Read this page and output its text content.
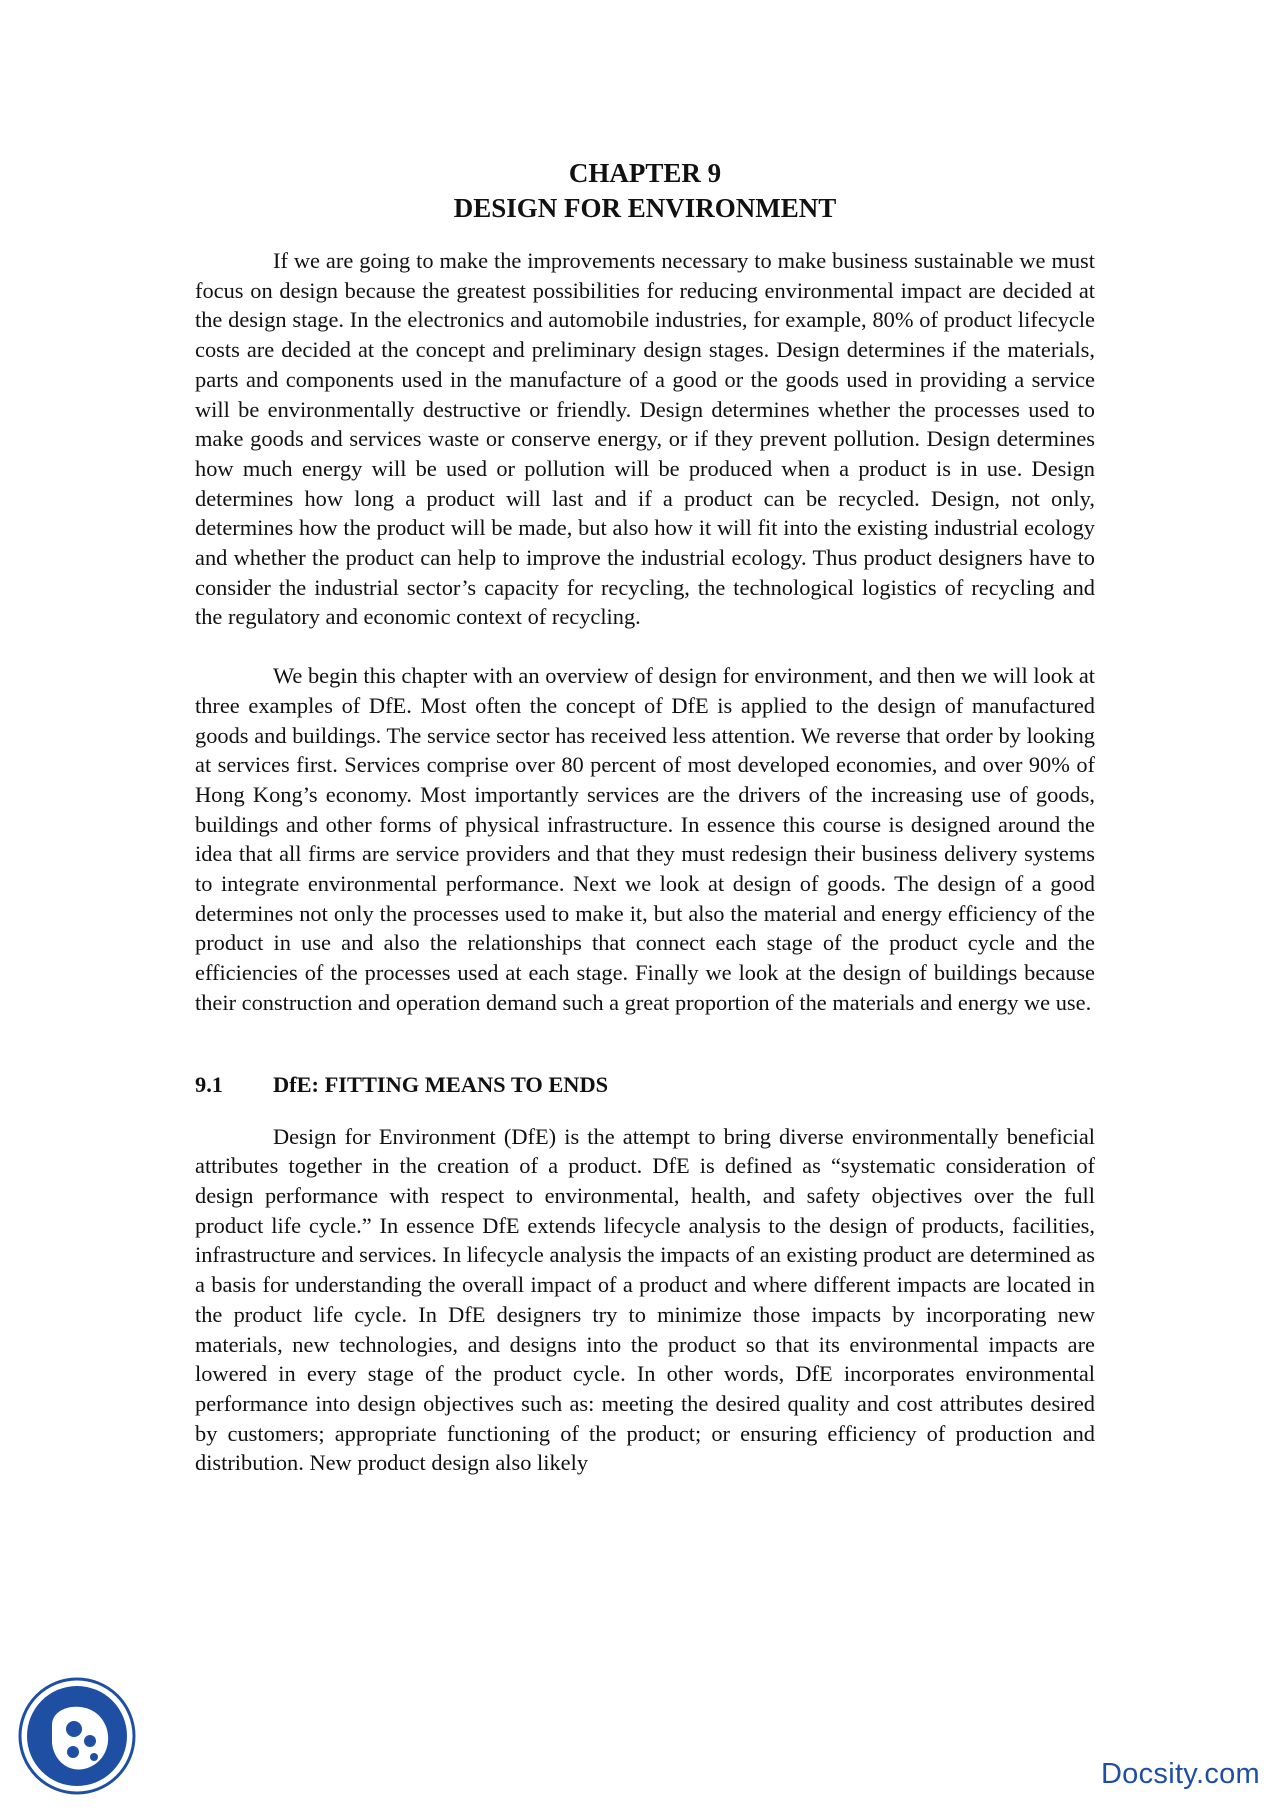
CHAPTER 9
DESIGN FOR ENVIRONMENT

If we are going to make the improvements necessary to make business sustainable we must focus on design because the greatest possibilities for reducing environmental impact are decided at the design stage. In the electronics and automobile industries, for example, 80% of product lifecycle costs are decided at the concept and preliminary design stages. Design determines if the materials, parts and components used in the manufacture of a good or the goods used in providing a service will be environmentally destructive or friendly. Design determines whether the processes used to make goods and services waste or conserve energy, or if they prevent pollution. Design determines how much energy will be used or pollution will be produced when a product is in use. Design determines how long a product will last and if a product can be recycled. Design, not only, determines how the product will be made, but also how it will fit into the existing industrial ecology and whether the product can help to improve the industrial ecology. Thus product designers have to consider the industrial sector’s capacity for recycling, the technological logistics of recycling and the regulatory and economic context of recycling.

We begin this chapter with an overview of design for environment, and then we will look at three examples of DfE. Most often the concept of DfE is applied to the design of manufactured goods and buildings. The service sector has received less attention. We reverse that order by looking at services first. Services comprise over 80 percent of most developed economies, and over 90% of Hong Kong’s economy. Most importantly services are the drivers of the increasing use of goods, buildings and other forms of physical infrastructure. In essence this course is designed around the idea that all firms are service providers and that they must redesign their business delivery systems to integrate environmental performance. Next we look at design of goods. The design of a good determines not only the processes used to make it, but also the material and energy efficiency of the product in use and also the relationships that connect each stage of the product cycle and the efficiencies of the processes used at each stage. Finally we look at the design of buildings because their construction and operation demand such a great proportion of the materials and energy we use.

9.1	DfE: FITTING MEANS TO ENDS

Design for Environment (DfE) is the attempt to bring diverse environmentally beneficial attributes together in the creation of a product. DfE is defined as “systematic consideration of design performance with respect to environmental, health, and safety objectives over the full product life cycle.” In essence DfE extends lifecycle analysis to the design of products, facilities, infrastructure and services. In lifecycle analysis the impacts of an existing product are determined as a basis for understanding the overall impact of a product and where different impacts are located in the product life cycle. In DfE designers try to minimize those impacts by incorporating new materials, new technologies, and designs into the product so that its environmental impacts are lowered in every stage of the product cycle. In other words, DfE incorporates environmental performance into design objectives such as: meeting the desired quality and cost attributes desired by customers; appropriate functioning of the product; or ensuring efficiency of production and distribution. New product design also likely

Docsity.com
